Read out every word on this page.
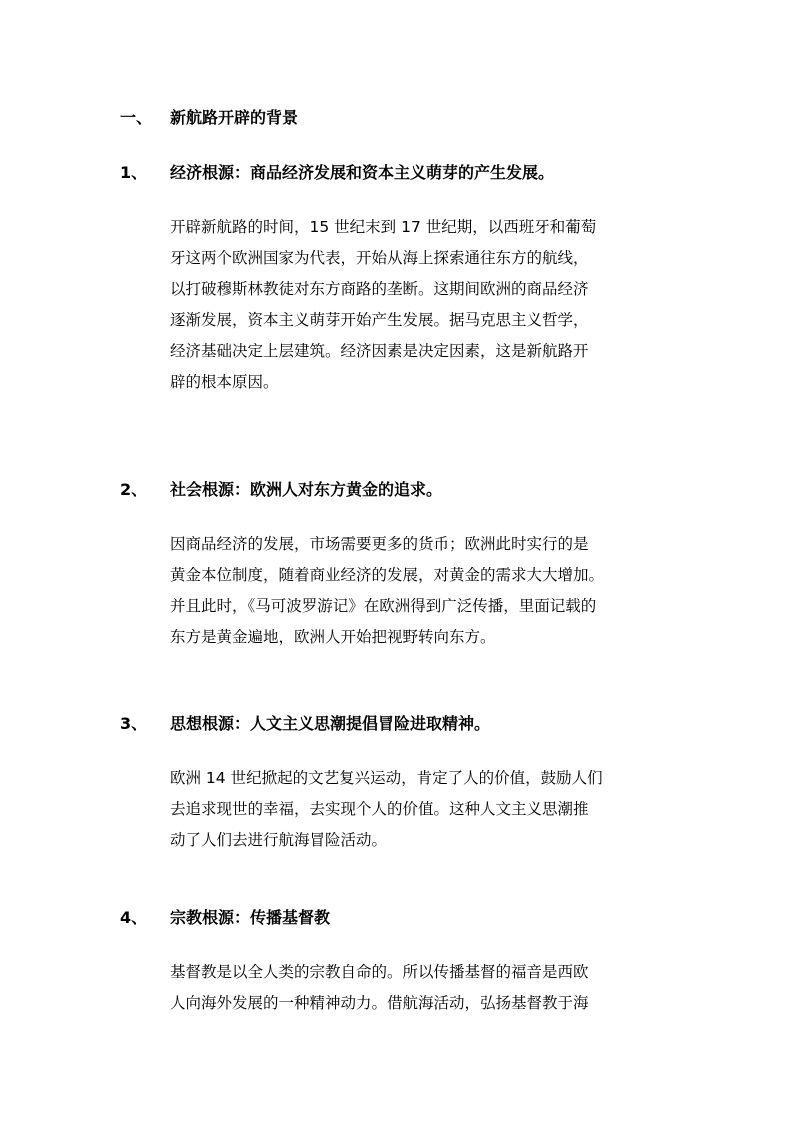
一、 新航路开辟的背景
1、 经济根源：商品经济发展和资本主义萌芽的产生发展。
开辟新航路的时间，15 世纪末到 17 世纪期，以西班牙和葡萄
牙这两个欧洲国家为代表，开始从海上探索通往东方的航线，
以打破穆斯林教徒对东方商路的垄断。这期间欧洲的商品经济
逐渐发展，资本主义萌芽开始产生发展。据马克思主义哲学，
经济基础决定上层建筑。经济因素是决定因素，这是新航路开
辟的根本原因。
2、 社会根源：欧洲人对东方黄金的追求。
因商品经济的发展，市场需要更多的货币；欧洲此时实行的是
黄金本位制度，随着商业经济的发展，对黄金的需求大大增加。
并且此时，《马可波罗游记》在欧洲得到广泛传播，里面记载的
东方是黄金遍地，欧洲人开始把视野转向东方。
3、 思想根源：人文主义思潮提倡冒险进取精神。
欧洲 14 世纪掀起的文艺复兴运动，肯定了人的价值，鼓励人们
去追求现世的幸福，去实现个人的价值。这种人文主义思潮推
动了人们去进行航海冒险活动。
4、 宗教根源：传播基督教
基督教是以全人类的宗教自命的。所以传播基督的福音是西欧
人向海外发展的一种精神动力。借航海活动，弘扬基督教于海
